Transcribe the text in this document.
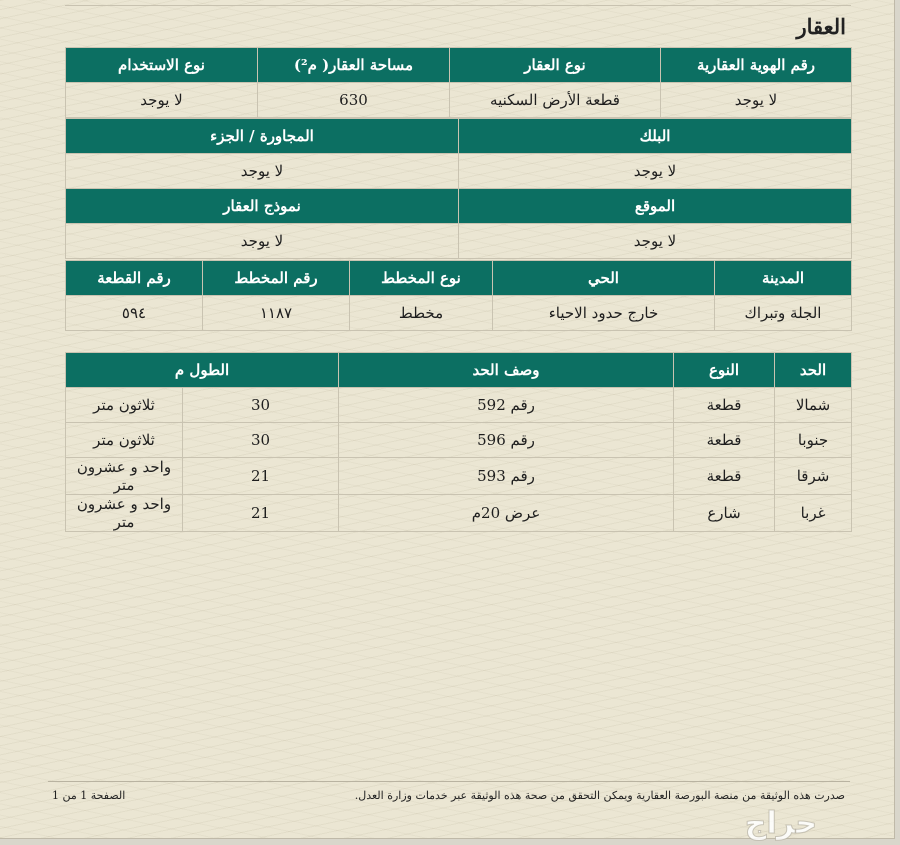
العقار
رقم الهوية العقارية	نوع العقار	مساحة العقار( م²)	نوع الاستخدام
لا يوجد	قطعة الأرض السكنيه	630	لا يوجد
البلك	المجاورة / الجزء
لا يوجد	لا يوجد
الموقع	نموذج العقار
لا يوجد	لا يوجد
المدينة	الحي	نوع المخطط	رقم المخطط	رقم القطعة
الجلة وتبراك	خارج حدود الاحياء	مخطط	١١٨٧	٥٩٤
الحد	النوع	وصف الحد	الطول م	
شمالا	قطعة	رقم 592	30	ثلاثون متر
جنوبا	قطعة	رقم 596	30	ثلاثون متر
شرقا	قطعة	رقم 593	21	واحد و عشرون متر
غربا	شارع	عرض 20م	21	واحد و عشرون متر
صدرت هذه الوثيقة من منصة البورصة العقارية ويمكن التحقق من صحة هذه الوثيقة عبر خدمات وزارة العدل.
الصفحة 1 من 1
حراج
